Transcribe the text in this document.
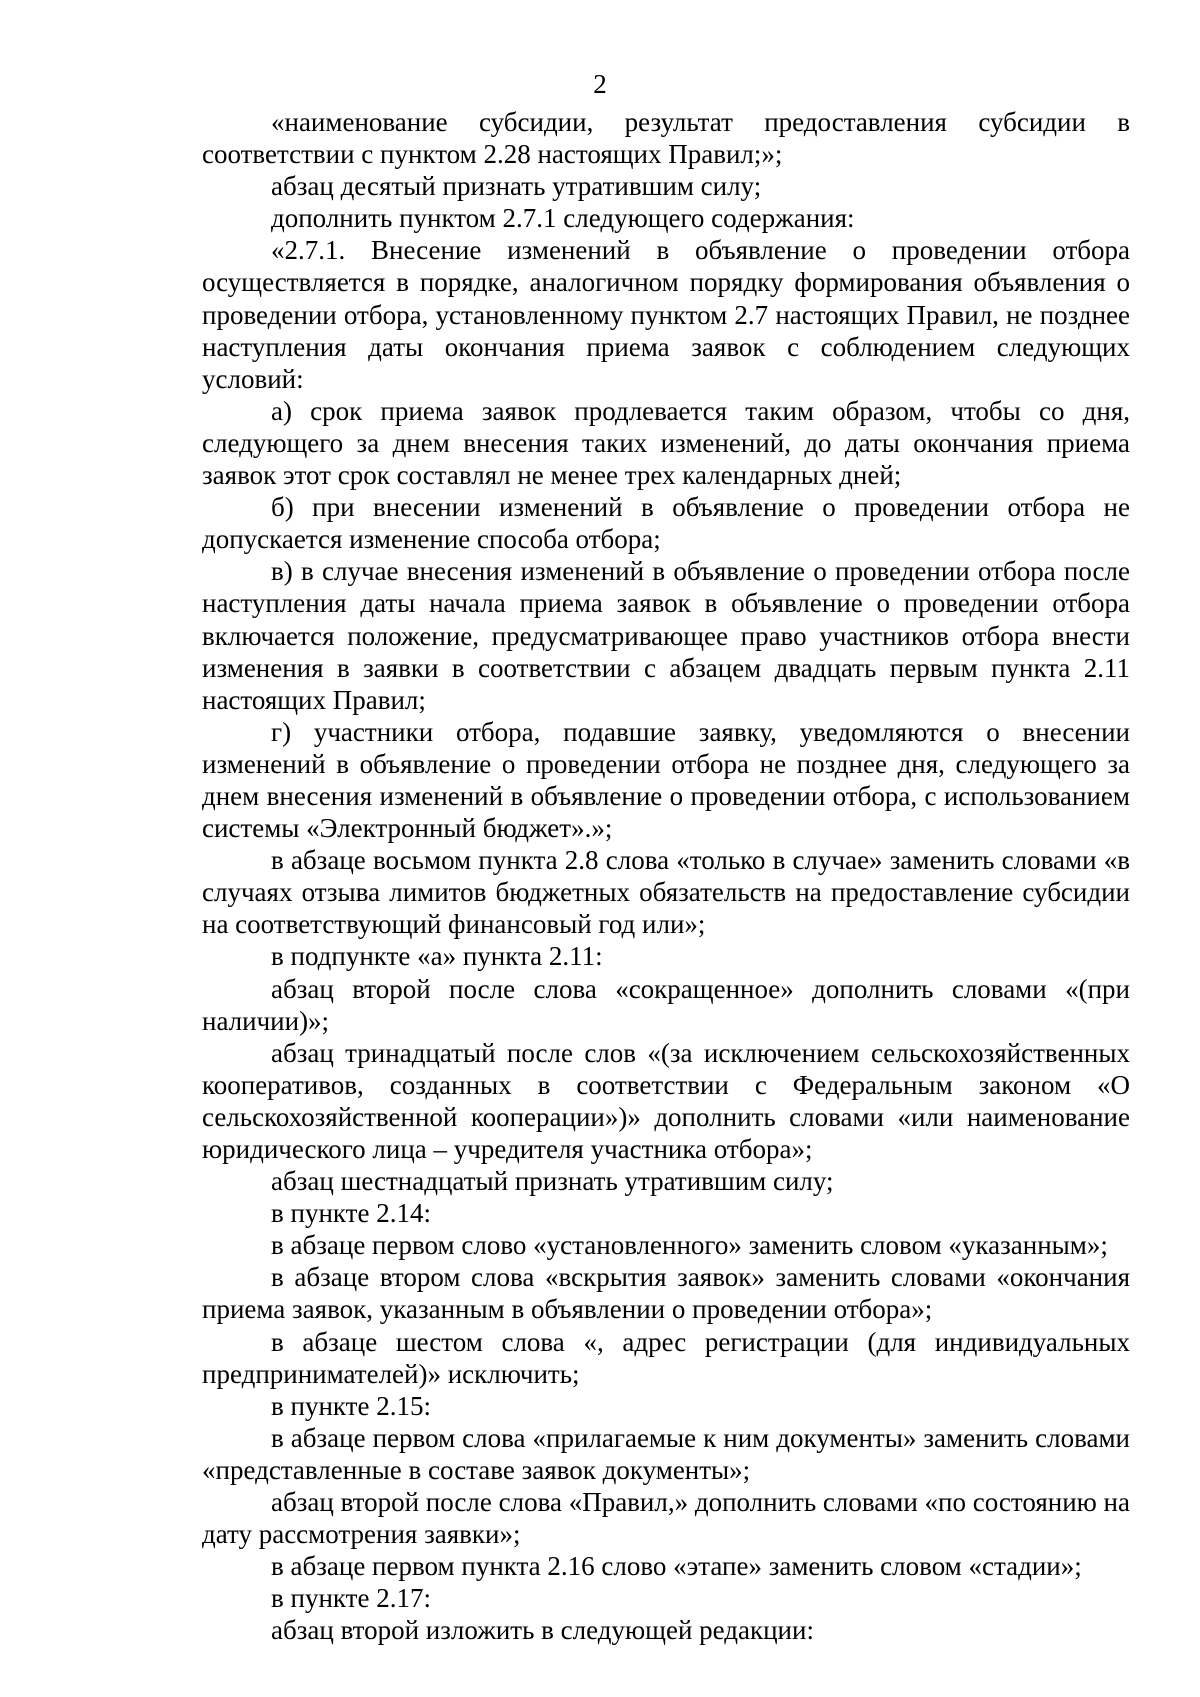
2

«наименование субсидии, результат предоставления субсидии в соответствии с пунктом 2.28 настоящих Правил;»;

абзац десятый признать утратившим силу;

дополнить пунктом 2.7.1 следующего содержания:

«2.7.1. Внесение изменений в объявление о проведении отбора осуществляется в порядке, аналогичном порядку формирования объявления о проведении отбора, установленному пунктом 2.7 настоящих Правил, не позднее наступления даты окончания приема заявок с соблюдением следующих условий:

а) срок приема заявок продлевается таким образом, чтобы со дня, следующего за днем внесения таких изменений, до даты окончания приема заявок этот срок составлял не менее трех календарных дней;

б) при внесении изменений в объявление о проведении отбора не допускается изменение способа отбора;

в) в случае внесения изменений в объявление о проведении отбора после наступления даты начала приема заявок в объявление о проведении отбора включается положение, предусматривающее право участников отбора внести изменения в заявки в соответствии с абзацем двадцать первым пункта 2.11 настоящих Правил;

г) участники отбора, подавшие заявку, уведомляются о внесении изменений в объявление о проведении отбора не позднее дня, следующего за днем внесения изменений в объявление о проведении отбора, с использованием системы «Электронный бюджет».»;

в абзаце восьмом пункта 2.8 слова «только в случае» заменить словами «в случаях отзыва лимитов бюджетных обязательств на предоставление субсидии на соответствующий финансовый год или»;

в подпункте «а» пункта 2.11:

абзац второй после слова «сокращенное» дополнить словами «(при наличии)»;

абзац тринадцатый после слов «(за исключением сельскохозяйственных кооперативов, созданных в соответствии с Федеральным законом «О сельскохозяйственной кооперации»)» дополнить словами «или наименование юридического лица – учредителя участника отбора»;

абзац шестнадцатый признать утратившим силу;

в пункте 2.14:

в абзаце первом слово «установленного» заменить словом «указанным»;

в абзаце втором слова «вскрытия заявок» заменить словами «окончания приема заявок, указанным в объявлении о проведении отбора»;

в абзаце шестом слова «, адрес регистрации (для индивидуальных предпринимателей)» исключить;

в пункте 2.15:

в абзаце первом слова «прилагаемые к ним документы» заменить словами «представленные в составе заявок документы»;

абзац второй после слова «Правил,» дополнить словами «по состоянию на дату рассмотрения заявки»;

в абзаце первом пункта 2.16 слово «этапе» заменить словом «стадии»;

в пункте 2.17:

абзац второй изложить в следующей редакции:
